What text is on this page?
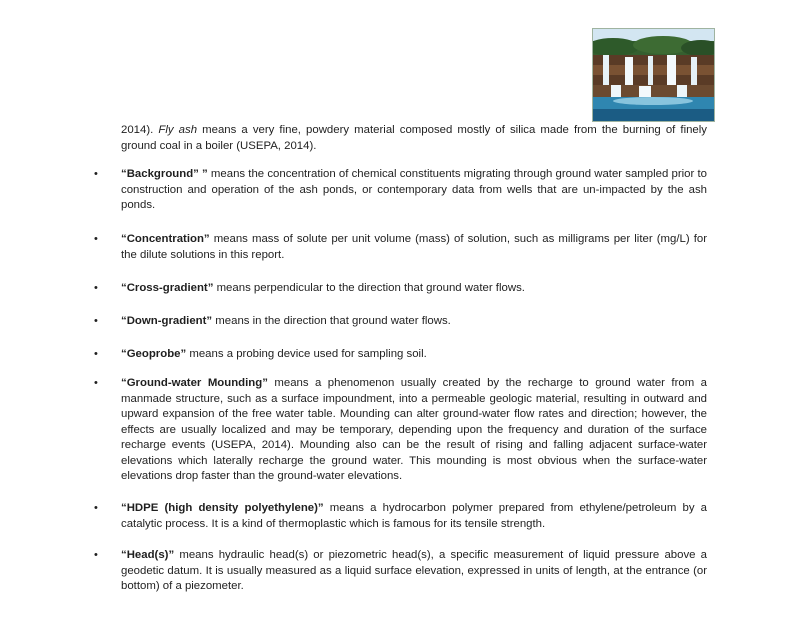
2014). Fly ash means a very fine, powdery material composed mostly of silica made from the burning of finely ground coal in a boiler (USEPA, 2014).
•	“Background” ” means the concentration of chemical constituents migrating through ground water sampled prior to construction and operation of the ash ponds, or contemporary data from wells that are un-impacted by the ash ponds.
•	“Concentration” means mass of solute per unit volume (mass) of solution, such as milligrams per liter (mg/L) for the dilute solutions in this report.
•	“Cross-gradient” means perpendicular to the direction that ground water flows.
•	“Down-gradient” means in the direction that ground water flows.
•	“Geoprobe” means a probing device used for sampling soil.
•	“Ground-water Mounding” means a phenomenon usually created by the recharge to ground water from a manmade structure, such as a surface impoundment, into a permeable geologic material, resulting in outward and upward expansion of the free water table. Mounding can alter ground-water flow rates and direction; however, the effects are usually localized and may be temporary, depending upon the frequency and duration of the surface recharge events (USEPA, 2014). Mounding also can be the result of rising and falling adjacent surface-water elevations which laterally recharge the ground water. This mounding is most obvious when the surface-water elevations drop faster than the ground-water elevations.
•	“HDPE (high density polyethylene)” means a hydrocarbon polymer prepared from ethylene/petroleum by a catalytic process. It is a kind of thermoplastic which is famous for its tensile strength.
•	“Head(s)” means hydraulic head(s) or piezometric head(s), a specific measurement of liquid pressure above a geodetic datum. It is usually measured as a liquid surface elevation, expressed in units of length, at the entrance (or bottom) of a piezometer.
